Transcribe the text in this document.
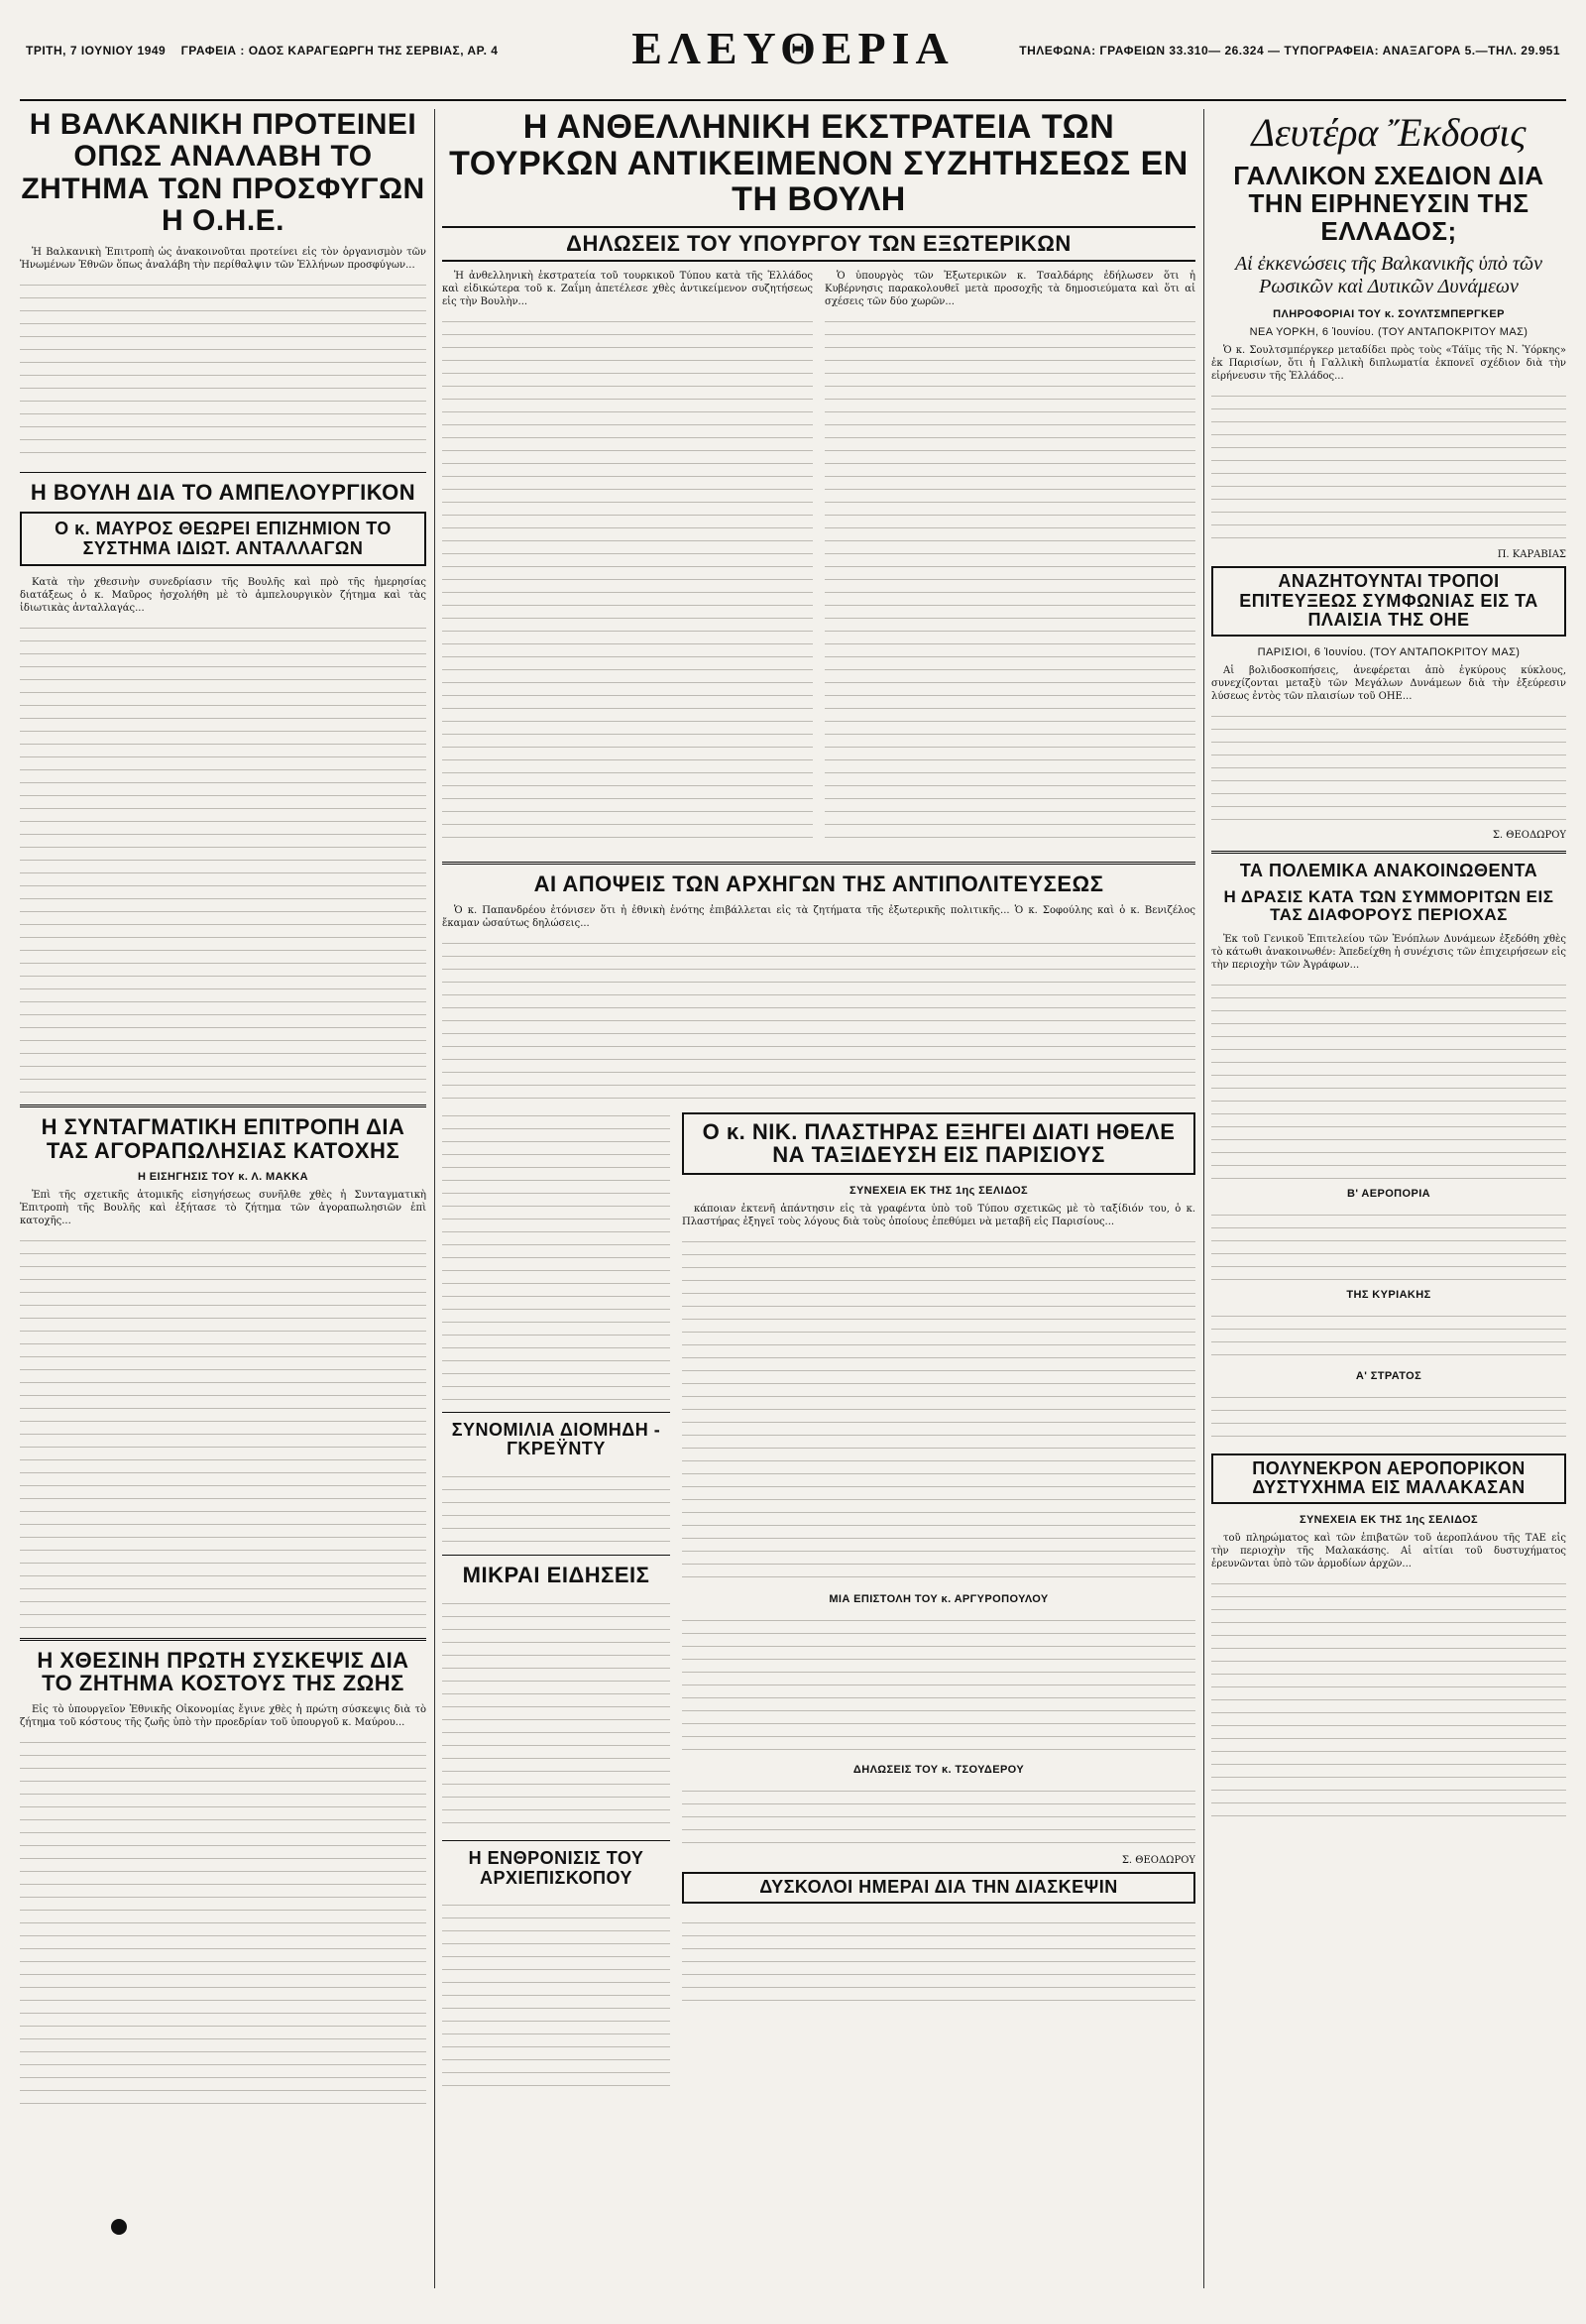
ΤΡΙΤΗ, 7 ΙΟΥΝΙΟΥ 1949 ΓΡΑΦΕΙΑ : ΟΔΟΣ ΚΑΡΑΓΕΩΡΓΗ ΤΗΣ ΣΕΡΒΙΑΣ, ΑΡ. 4	ΕΛΕΥΘΕΡΙΑ	ΤΗΛΕΦΩΝΑ: ΓΡΑΦΕΙΩΝ 33.310— 26.324 — ΤΥΠΟΓΡΑΦΕΙΑ: ΑΝΑΞΑΓΟΡΑ 5.—ΤΗΛ. 29.951
Η ΒΑΛΚΑΝΙΚΗ ΠΡΟΤΕΙΝΕΙ ΟΠΩΣ ΑΝΑΛΑΒΗ ΤΟ ΖΗΤΗΜΑ ΤΩΝ ΠΡΟΣΦΥΓΩΝ Η Ο.Η.Ε.
Ἡ Βαλκανικὴ Ἐπιτροπὴ ὡς ἀνακοινοῦται προτείνει εἰς τὸν ὀργανισμὸν τῶν Ἡνωμένων Ἐθνῶν ὅπως ἀναλάβη τὴν περίθαλψιν τῶν Ἑλλήνων προσφύγων...
Η ΒΟΥΛΗ ΔΙΑ ΤΟ ΑΜΠΕΛΟΥΡΓΙΚΟΝ
Ο κ. ΜΑΥΡΟΣ ΘΕΩΡΕΙ ΕΠΙΖΗΜΙΟΝ ΤΟ ΣΥΣΤΗΜΑ ΙΔΙΩΤ. ΑΝΤΑΛΛΑΓΩΝ
Κατὰ τὴν χθεσινὴν συνεδρίασιν τῆς Βουλῆς καὶ πρὸ τῆς ἡμερησίας διατάξεως ὁ κ. Μαῦρος ἠσχολήθη μὲ τὸ ἀμπελουργικὸν ζήτημα καὶ τὰς ἰδιωτικὰς ἀνταλλαγάς...
Η ΣΥΝΤΑΓΜΑΤΙΚΗ ΕΠΙΤΡΟΠΗ ΔΙΑ ΤΑΣ ΑΓΟΡΑΠΩΛΗΣΙΑΣ ΚΑΤΟΧΗΣ
Η ΕΙΣΗΓΗΣΙΣ ΤΟΥ κ. Λ. ΜΑΚΚΑ
Ἐπὶ τῆς σχετικῆς ἀτομικῆς εἰσηγήσεως συνῆλθε χθὲς ἡ Συνταγματικὴ Ἐπιτροπὴ τῆς Βουλῆς καὶ ἐξήτασε τὸ ζήτημα τῶν ἀγοραπωλησιῶν ἐπὶ κατοχῆς...
Η ΧΘΕΣΙΝΗ ΠΡΩΤΗ ΣΥΣΚΕΨΙΣ ΔΙΑ ΤΟ ΖΗΤΗΜΑ ΚΟΣΤΟΥΣ ΤΗΣ ΖΩΗΣ
Εἰς τὸ ὑπουργεῖον Ἐθνικῆς Οἰκονομίας ἔγινε χθὲς ἡ πρώτη σύσκεψις διὰ τὸ ζήτημα τοῦ κόστους τῆς ζωῆς ὑπὸ τὴν προεδρίαν τοῦ ὑπουργοῦ κ. Μαύρου...
Η ΑΝΘΕΛΛΗΝΙΚΗ ΕΚΣΤΡΑΤΕΙΑ ΤΩΝ ΤΟΥΡΚΩΝ ΑΝΤΙΚΕΙΜΕΝΟΝ ΣΥΖΗΤΗΣΕΩΣ ΕΝ ΤΗ ΒΟΥΛΗ
ΔΗΛΩΣΕΙΣ ΤΟΥ ΥΠΟΥΡΓΟΥ ΤΩΝ ΕΞΩΤΕΡΙΚΩΝ
Ἡ ἀνθελληνικὴ ἐκστρατεία τοῦ τουρκικοῦ Τύπου κατὰ τῆς Ἑλλάδος καὶ εἰδικώτερα τοῦ κ. Ζαΐμη ἀπετέλεσε χθὲς ἀντικείμενον συζητήσεως εἰς τὴν Βουλὴν...
Ὁ ὑπουργὸς τῶν Ἐξωτερικῶν κ. Τσαλδάρης ἐδήλωσεν ὅτι ἡ Κυβέρνησις παρακολουθεῖ μετὰ προσοχῆς τὰ δημοσιεύματα καὶ ὅτι αἱ σχέσεις τῶν δύο χωρῶν...
ΑΙ ΑΠΟΨΕΙΣ ΤΩΝ ΑΡΧΗΓΩΝ ΤΗΣ ΑΝΤΙΠΟΛΙΤΕΥΣΕΩΣ
Ὁ κ. Παπανδρέου ἐτόνισεν ὅτι ἡ ἐθνικὴ ἑνότης ἐπιβάλλεται εἰς τὰ ζητήματα τῆς ἐξωτερικῆς πολιτικῆς... Ὁ κ. Σοφούλης καὶ ὁ κ. Βενιζέλος ἔκαμαν ὡσαύτως δηλώσεις...
ΣΥΝΟΜΙΛΙΑ ΔΙΟΜΗΔΗ - ΓΚΡΕΫΝΤΥ
ΜΙΚΡΑΙ ΕΙΔΗΣΕΙΣ
Η ΕΝΘΡΟΝΙΣΙΣ ΤΟΥ ΑΡΧΙΕΠΙΣΚΟΠΟΥ
Ο κ. ΝΙΚ. ΠΛΑΣΤΗΡΑΣ ΕΞΗΓΕΙ ΔΙΑΤΙ ΗΘΕΛΕ ΝΑ ΤΑΞΙΔΕΥΣΗ ΕΙΣ ΠΑΡΙΣΙΟΥΣ
ΣΥΝΕΧΕΙΑ ΕΚ ΤΗΣ 1ης ΣΕΛΙΔΟΣ
κάποιαν ἐκτενῆ ἀπάντησιν εἰς τὰ γραφέντα ὑπὸ τοῦ Τύπου σχετικῶς μὲ τὸ ταξίδιόν του, ὁ κ. Πλαστήρας ἐξηγεῖ τοὺς λόγους διὰ τοὺς ὁποίους ἐπεθύμει νὰ μεταβῆ εἰς Παρισίους...
ΜΙΑ ΕΠΙΣΤΟΛΗ ΤΟΥ κ. ΑΡΓΥΡΟΠΟΥΛΟΥ
ΔΗΛΩΣΕΙΣ ΤΟΥ κ. ΤΣΟΥΔΕΡΟΥ
Σ. ΘΕΟΔΩΡΟΥ
ΔΥΣΚΟΛΟΙ ΗΜΕΡΑΙ ΔΙΑ ΤΗΝ ΔΙΑΣΚΕΨΙΝ
Δευτέρα Ἔκδοσις
ΓΑΛΛΙΚΟΝ ΣΧΕΔΙΟΝ ΔΙΑ ΤΗΝ ΕΙΡΗΝΕΥΣΙΝ ΤΗΣ ΕΛΛΑΔΟΣ;
Αἱ ἐκκενώσεις τῆς Βαλκανικῆς ὑπὸ τῶν Ρωσικῶν καὶ Δυτικῶν Δυνάμεων
ΠΛΗΡΟΦΟΡΙΑΙ ΤΟΥ κ. ΣΟΥΛΤΣΜΠΕΡΓΚΕΡ
ΝΕΑ ΥΟΡΚΗ, 6 Ἰουνίου. (ΤΟΥ ΑΝΤΑΠΟΚΡΙΤΟΥ ΜΑΣ)
Ὁ κ. Σουλτσμπέργκερ μεταδίδει πρὸς τοὺς «Τάϊμς τῆς Ν. Ὑόρκης» ἐκ Παρισίων, ὅτι ἡ Γαλλικὴ διπλωματία ἐκπονεῖ σχέδιον διὰ τὴν εἰρήνευσιν τῆς Ἑλλάδος...
Π. ΚΑΡΑΒΙΑΣ
ΑΝΑΖΗΤΟΥΝΤΑΙ ΤΡΟΠΟΙ ΕΠΙΤΕΥΞΕΩΣ ΣΥΜΦΩΝΙΑΣ ΕΙΣ ΤΑ ΠΛΑΙΣΙΑ ΤΗΣ ΟΗΕ
ΠΑΡΙΣΙΟΙ, 6 Ἰουνίου. (ΤΟΥ ΑΝΤΑΠΟΚΡΙΤΟΥ ΜΑΣ)
Αἱ βολιδοσκοπήσεις, ἀνεφέρεται ἀπὸ ἐγκύρους κύκλους, συνεχίζονται μεταξὺ τῶν Μεγάλων Δυνάμεων διὰ τὴν ἐξεύρεσιν λύσεως ἐντὸς τῶν πλαισίων τοῦ ΟΗΕ...
Σ. ΘΕΟΔΩΡΟΥ
ΤΑ ΠΟΛΕΜΙΚΑ ΑΝΑΚΟΙΝΩΘΕΝΤΑ
Η ΔΡΑΣΙΣ ΚΑΤΑ ΤΩΝ ΣΥΜΜΟΡΙΤΩΝ ΕΙΣ ΤΑΣ ΔΙΑΦΟΡΟΥΣ ΠΕΡΙΟΧΑΣ
Ἐκ τοῦ Γενικοῦ Ἐπιτελείου τῶν Ἐνόπλων Δυνάμεων ἐξεδόθη χθὲς τὸ κάτωθι ἀνακοινωθέν: Ἀπεδείχθη ἡ συνέχισις τῶν ἐπιχειρήσεων εἰς τὴν περιοχὴν τῶν Ἀγράφων...
Β' ΑΕΡΟΠΟΡΙΑ
ΤΗΣ ΚΥΡΙΑΚΗΣ
Α' ΣΤΡΑΤΟΣ
ΠΟΛΥΝΕΚΡΟΝ ΑΕΡΟΠΟΡΙΚΟΝ ΔΥΣΤΥΧΗΜΑ ΕΙΣ ΜΑΛΑΚΑΣΑΝ
ΣΥΝΕΧΕΙΑ ΕΚ ΤΗΣ 1ης ΣΕΛΙΔΟΣ
τοῦ πληρώματος καὶ τῶν ἐπιβατῶν τοῦ ἀεροπλάνου τῆς ΤΑΕ εἰς τὴν περιοχὴν τῆς Μαλακάσης. Αἱ αἰτίαι τοῦ δυστυχήματος ἐρευνῶνται ὑπὸ τῶν ἁρμοδίων ἀρχῶν...
